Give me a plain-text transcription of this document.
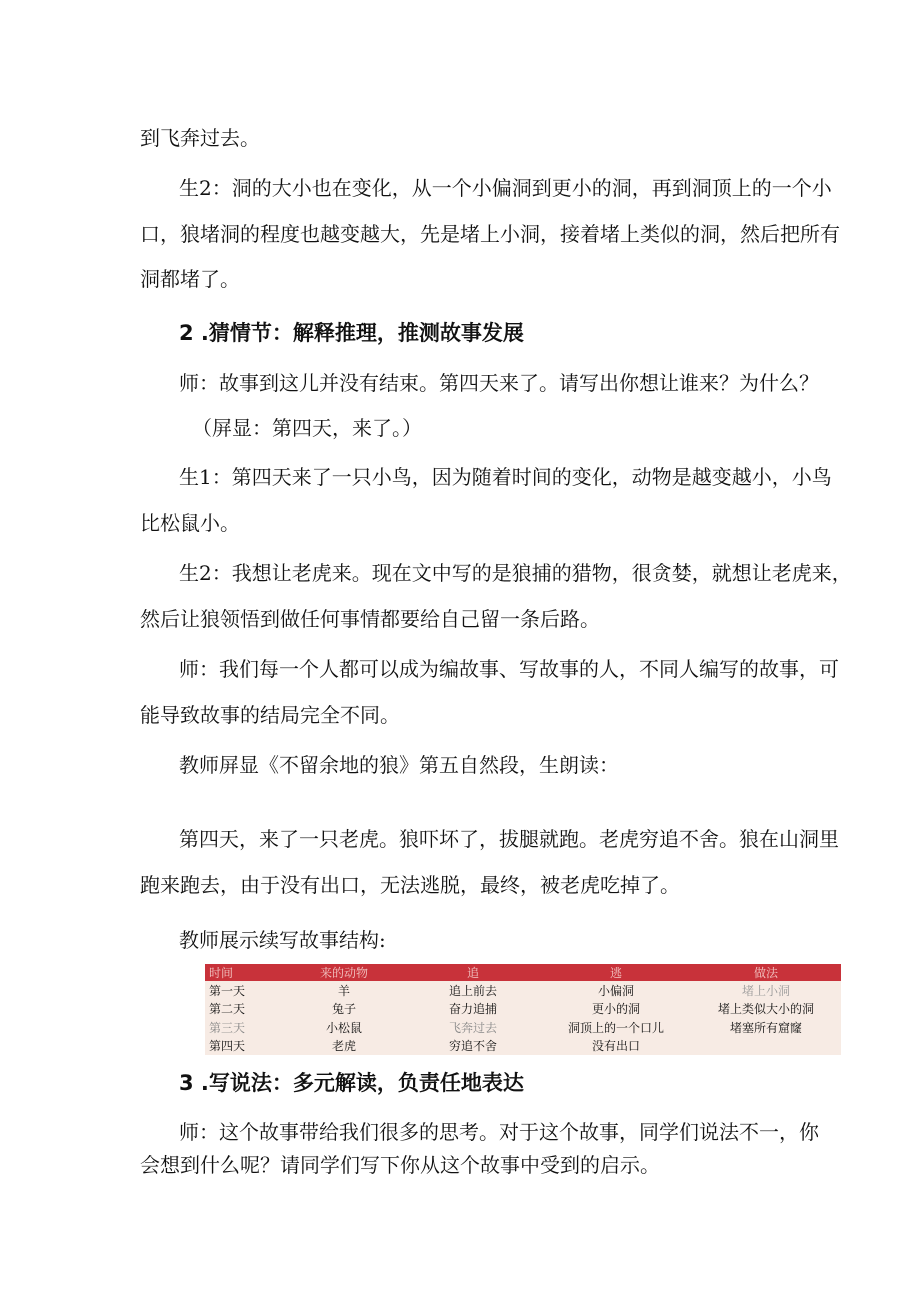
到飞奔过去。

生2：洞的大小也在变化，从一个小偏洞到更小的洞，再到洞顶上的一个小

口，狼堵洞的程度也越变越大，先是堵上小洞，接着堵上类似的洞，然后把所有

洞都堵了。

2 .猜情节：解释推理，推测故事发展

师：故事到这儿并没有结束。第四天来了。请写出你想让谁来？为什么？

（屏显：第四天，来了。）

生1：第四天来了一只小鸟，因为随着时间的变化，动物是越变越小，小鸟

比松鼠小。

生2：我想让老虎来。现在文中写的是狼捕的猎物，很贪婪，就想让老虎来，

然后让狼领悟到做任何事情都要给自己留一条后路。

师：我们每一个人都可以成为编故事、写故事的人，不同人编写的故事，可

能导致故事的结局完全不同。

教师屏显《不留余地的狼》第五自然段，生朗读：

第四天，来了一只老虎。狼吓坏了，拔腿就跑。老虎穷追不舍。狼在山洞里

跑来跑去，由于没有出口，无法逃脱，最终，被老虎吃掉了。

教师展示续写故事结构:

时间	来的动物	追	逃	做法
第一天	羊	追上前去	小偏洞	堵上小洞
第二天	兔子	奋力追捕	更小的洞	堵上类似大小的洞
第三天	小松鼠	飞奔过去	洞顶上的一个口儿	堵塞所有窟窿
第四天	老虎	穷追不舍	没有出口	
3 .写说法：多元解读，负责任地表达

师：这个故事带给我们很多的思考。对于这个故事，同学们说法不一，你

会想到什么呢？请同学们写下你从这个故事中受到的启示。
